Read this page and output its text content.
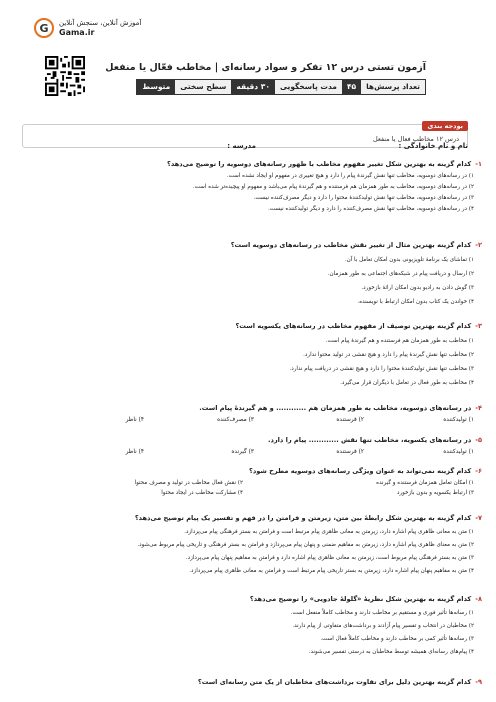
G	آموزش آنلاین، سنجش آنلاین
Gama.ir
آزمون تستی درس ۱۲ تفکر و سواد رسانه‌ای | مخاطب فعّال یا منفعل
تعداد پرسش‌ها
۴۵
مدت پاسخگویی
۳۰ دقیقه
سطح سختی
متوسط
بودجه بندی
درس ۱۲ مخاطب فعال یا منفعل
نام و نام خانوادگی :
مدرسه :
۱-کدام گزینه به بهترین شکل تغییر مفهوم مخاطب با ظهور رسانه‌های دوسویه را توضیح می‌دهد؟
۱) در رسانه‌های دوسویه، مخاطب تنها نقش گیرندهٔ پیام را دارد و هیچ تغییری در مفهوم او ایجاد نشده است.
۲) در رسانه‌های دوسویه، مخاطب به طور همزمان هم فرستنده و هم گیرندهٔ پیام می‌باشد و مفهوم او پیچیده‌تر شده است.
۳) در رسانه‌های دوسویه، مخاطب تنها نقش تولیدکنندهٔ محتوا را دارد و دیگر مصرف‌کننده نیست.
۴) در رسانه‌های دوسویه، مخاطب تنها نقش مصرف‌کننده را دارد و دیگر تولیدکننده نیست.
۲-کدام گزینه بهترین مثال از تغییر نقش مخاطب در رسانه‌های دوسویه است؟
۱) تماشای یک برنامهٔ تلویزیونی بدون امکان تعامل با آن.
۲) ارسال و دریافت پیام در شبکه‌های اجتماعی به طور همزمان.
۳) گوش دادن به رادیو بدون امکان ارائهٔ بازخورد.
۴) خواندن یک کتاب بدون امکان ارتباط با نویسنده.
۳-کدام گزینه بهترین توصیف از مفهوم مخاطب در رسانه‌های یکسویه است؟
۱) مخاطب به طور همزمان هم فرستنده و هم گیرندهٔ پیام است.
۲) مخاطب تنها نقش گیرندهٔ پیام را دارد و هیچ نقشی در تولید محتوا ندارد.
۳) مخاطب تنها نقش تولیدکنندهٔ محتوا را دارد و هیچ نقشی در دریافت پیام ندارد.
۴) مخاطب به طور فعال در تعامل با دیگران قرار می‌گیرد.
۴-در رسانه‌های دوسویه، مخاطب به طور همزمان هم ............ و هم گیرندهٔ پیام است.
۱) تولیدکننده
۲) فرستنده
۳) مصرف‌کننده
۴) ناظر
۵-در رسانه‌های یکسویه، مخاطب تنها نقش ............ پیام را دارد.
۱) تولیدکننده
۲) فرستنده
۳) گیرنده
۴) ناظر
۶-کدام گزینه نمی‌تواند به عنوان ویژگی رسانه‌های دوسویه مطرح شود؟
۱) امکان تعامل همزمان فرستنده و گیرنده
۲) نقش فعال مخاطب در تولید و مصرف محتوا
۳) ارتباط یکسویه و بدون بازخورد
۴) مشارکت مخاطب در ایجاد محتوا
۷-کدام گزینه به بهترین شکل رابطهٔ بین متن، زیرمتن و فرامتن را در فهم و تفسیر یک پیام توضیح می‌دهد؟
۱) متن به معانی ظاهری پیام اشاره دارد، زیرمتن به معانی ظاهری پیام مرتبط است و فرامتن به بستر فرهنگی پیام می‌پردازد.
۲) متن به معنای ظاهری پیام اشاره دارد، زیرمتن به مفاهیم ضمنی و پنهان پیام می‌پردازد و فرامتن به بستر فرهنگی و تاریخی پیام مربوط می‌شود.
۳) متن به بستر فرهنگی پیام مربوط است، زیرمتن به معانی ظاهری پیام اشاره دارد و فرامتن به مفاهیم پنهان پیام می‌پردازد.
۴) متن به مفاهیم پنهان پیام اشاره دارد، زیرمتن به بستر تاریخی پیام مرتبط است و فرامتن به معانی ظاهری پیام می‌پردازد.
۸-کدام گزینه به بهترین شکل نظریهٔ «گلولهٔ جادویی» را توضیح می‌دهد؟
۱) رسانه‌ها تأثیر فوری و مستقیم بر مخاطب دارند و مخاطب کاملاً منفعل است.
۲) مخاطبان در انتخاب و تفسیر پیام آزادند و برداشت‌های متفاوتی از پیام دارند.
۳) رسانه‌ها تأثیر کمی بر مخاطب دارند و مخاطب کاملاً فعال است.
۴) پیام‌های رسانه‌ای همیشه توسط مخاطبان به درستی تفسیر می‌شوند.
۹-کدام گزینه بهترین دلیل برای تفاوت برداشت‌های مخاطبان از یک متن رسانه‌ای است؟
